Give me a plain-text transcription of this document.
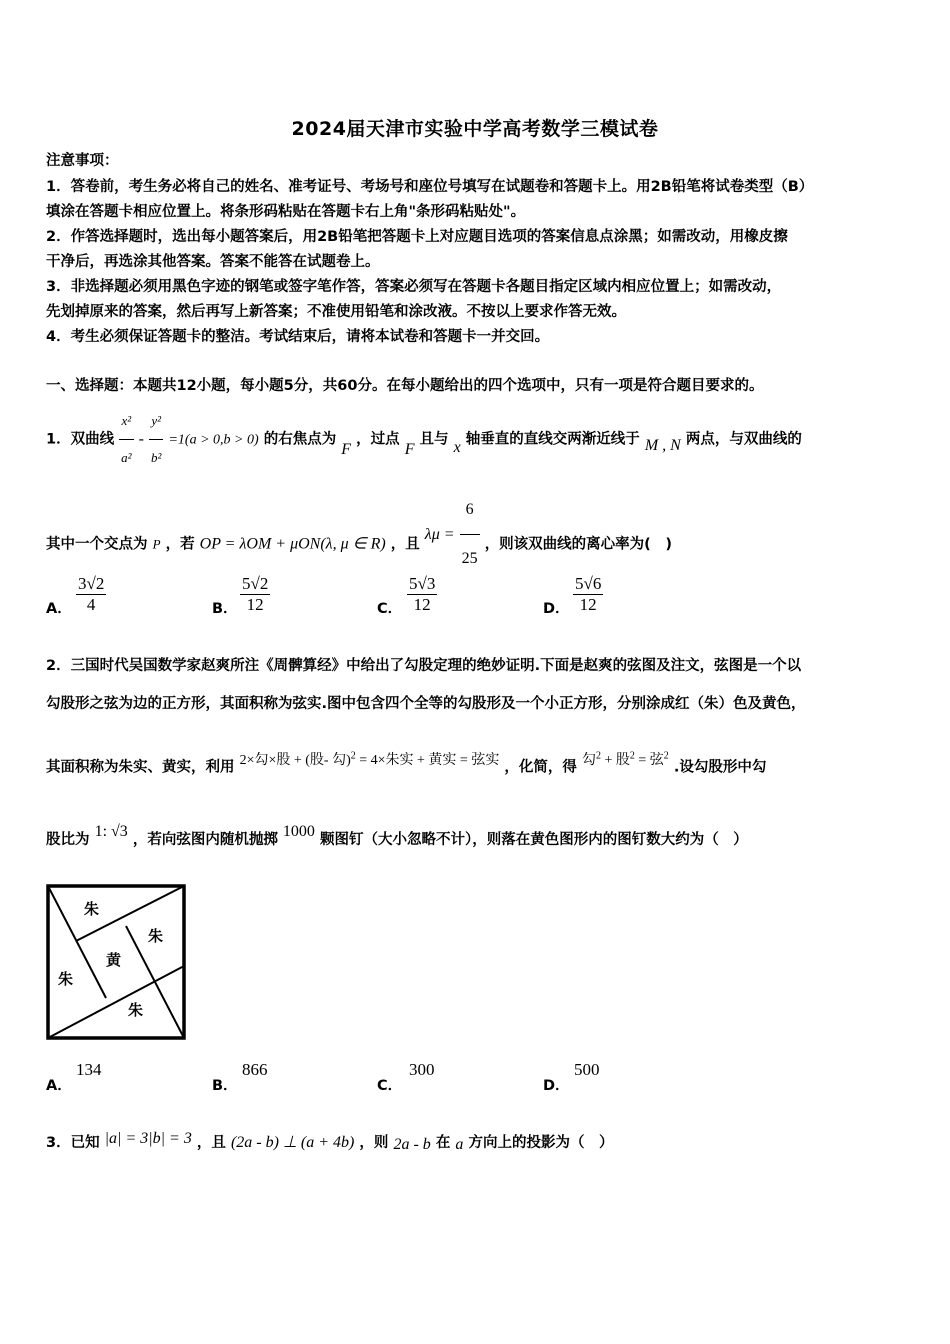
2024届天津市实验中学高考数学三模试卷
注意事项：
1．答卷前，考生务必将自己的姓名、准考证号、考场号和座位号填写在试题卷和答题卡上。用2B铅笔将试卷类型（B）
填涂在答题卡相应位置上。将条形码粘贴在答题卡右上角"条形码粘贴处"。
2．作答选择题时，选出每小题答案后，用2B铅笔把答题卡上对应题目选项的答案信息点涂黑；如需改动，用橡皮擦
干净后，再选涂其他答案。答案不能答在试题卷上。
3．非选择题必须用黑色字迹的钢笔或签字笔作答，答案必须写在答题卡各题目指定区域内相应位置上；如需改动，
先划掉原来的答案，然后再写上新答案；不准使用铅笔和涂改液。不按以上要求作答无效。
4．考生必须保证答题卡的整洁。考试结束后，请将本试卷和答题卡一并交回。
一、选择题：本题共12小题，每小题5分，共60分。在每小题给出的四个选项中，只有一项是符合题目要求的。
1．双曲线 $\frac{\text{x²}}{\text{a²}} - \frac{\text{y²}}{\text{b²}} =1(a > 0,b > 0)$ 的右焦点为 F ，过点 F 且与 x 轴垂直的直线交两渐近线于 M , N 两点，与双曲线的
其中一个交点为 P ，若 OP = λOM + μON(λ, μ ∈ R) ，且 $\lambda\mu = \frac{6}{25}$ ，则该双曲线的离心率为(　)
A． $\frac{3√2}{4}$	B． $\frac{5√2}{12}$	C． $\frac{5√3}{12}$	D． $\frac{5√6}{12}$
2．三国时代吴国数学家赵爽所注《周髀算经》中给出了勾股定理的绝妙证明.下面是赵爽的弦图及注文，弦图是一个以
勾股形之弦为边的正方形，其面积称为弦实.图中包含四个全等的勾股形及一个小正方形，分别涂成红（朱）色及黄色，
其面积称为朱实、黄实，利用 2×勾×股 + (股- 勾)$^2$ = 4×朱实 + 黄实 = 弦实 ，化简，得 勾$^2$ + 股$^2$ = 弦$^2$ .设勾股形中勾
股比为 1: √3 ，若向弦图内随机抛掷 1000 颗图钉（大小忽略不计），则落在黄色图形内的图钉数大约为（　）
朱
朱
黄
朱
朱
A．
134
B．
866
C．
300
D．
500
3．已知 |a| = 3|b| = 3 ，且 (2a - b) ⊥ (a + 4b) ，则 2a - b 在 a 方向上的投影为（　）
